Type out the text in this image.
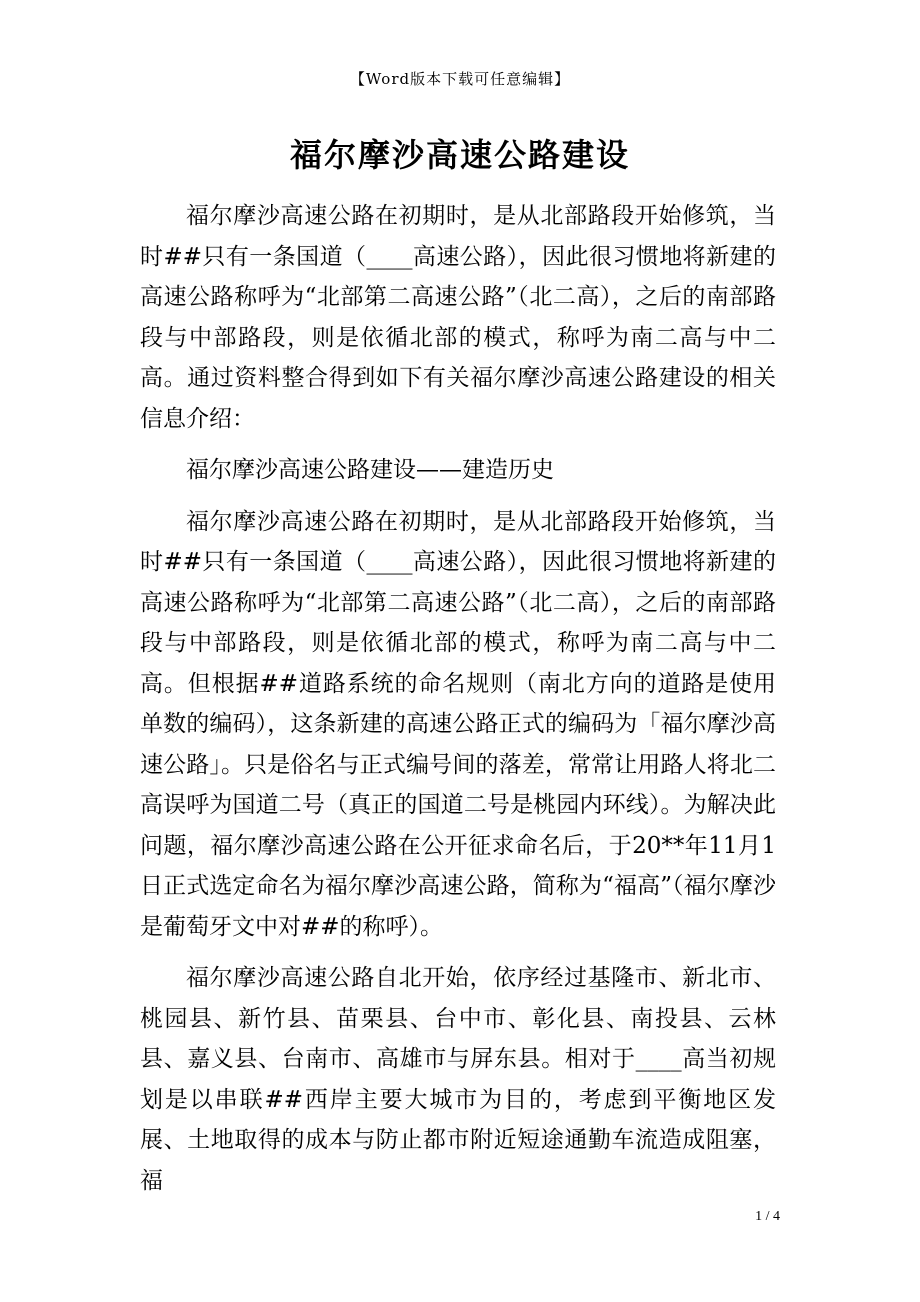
【Word版本下载可任意编辑】
福尔摩沙高速公路建设

福尔摩沙高速公路在初期时，是从北部路段开始修筑，当时##只有一条国道（____高速公路），因此很习惯地将新建的高速公路称呼为“北部第二高速公路”（北二高），之后的南部路段与中部路段，则是依循北部的模式，称呼为南二高与中二高。通过资料整合得到如下有关福尔摩沙高速公路建设的相关信息介绍：

福尔摩沙高速公路建设——建造历史

福尔摩沙高速公路在初期时，是从北部路段开始修筑，当时##只有一条国道（____高速公路），因此很习惯地将新建的高速公路称呼为“北部第二高速公路”（北二高），之后的南部路段与中部路段，则是依循北部的模式，称呼为南二高与中二高。但根据##道路系统的命名规则（南北方向的道路是使用单数的编码），这条新建的高速公路正式的编码为「福尔摩沙高速公路」。只是俗名与正式编号间的落差，常常让用路人将北二高误呼为国道二号（真正的国道二号是桃园内环线）。为解决此问题，福尔摩沙高速公路在公开征求命名后，于20**年11月1日正式选定命名为福尔摩沙高速公路，简称为“福高”（福尔摩沙是葡萄牙文中对##的称呼）。

福尔摩沙高速公路自北开始，依序经过基隆市、新北市、桃园县、新竹县、苗栗县、台中市、彰化县、南投县、云林县、嘉义县、台南市、高雄市与屏东县。相对于____高当初规划是以串联##西岸主要大城市为目的，考虑到平衡地区发展、土地取得的成本与防止都市附近短途通勤车流造成阻塞，福

1 / 4
